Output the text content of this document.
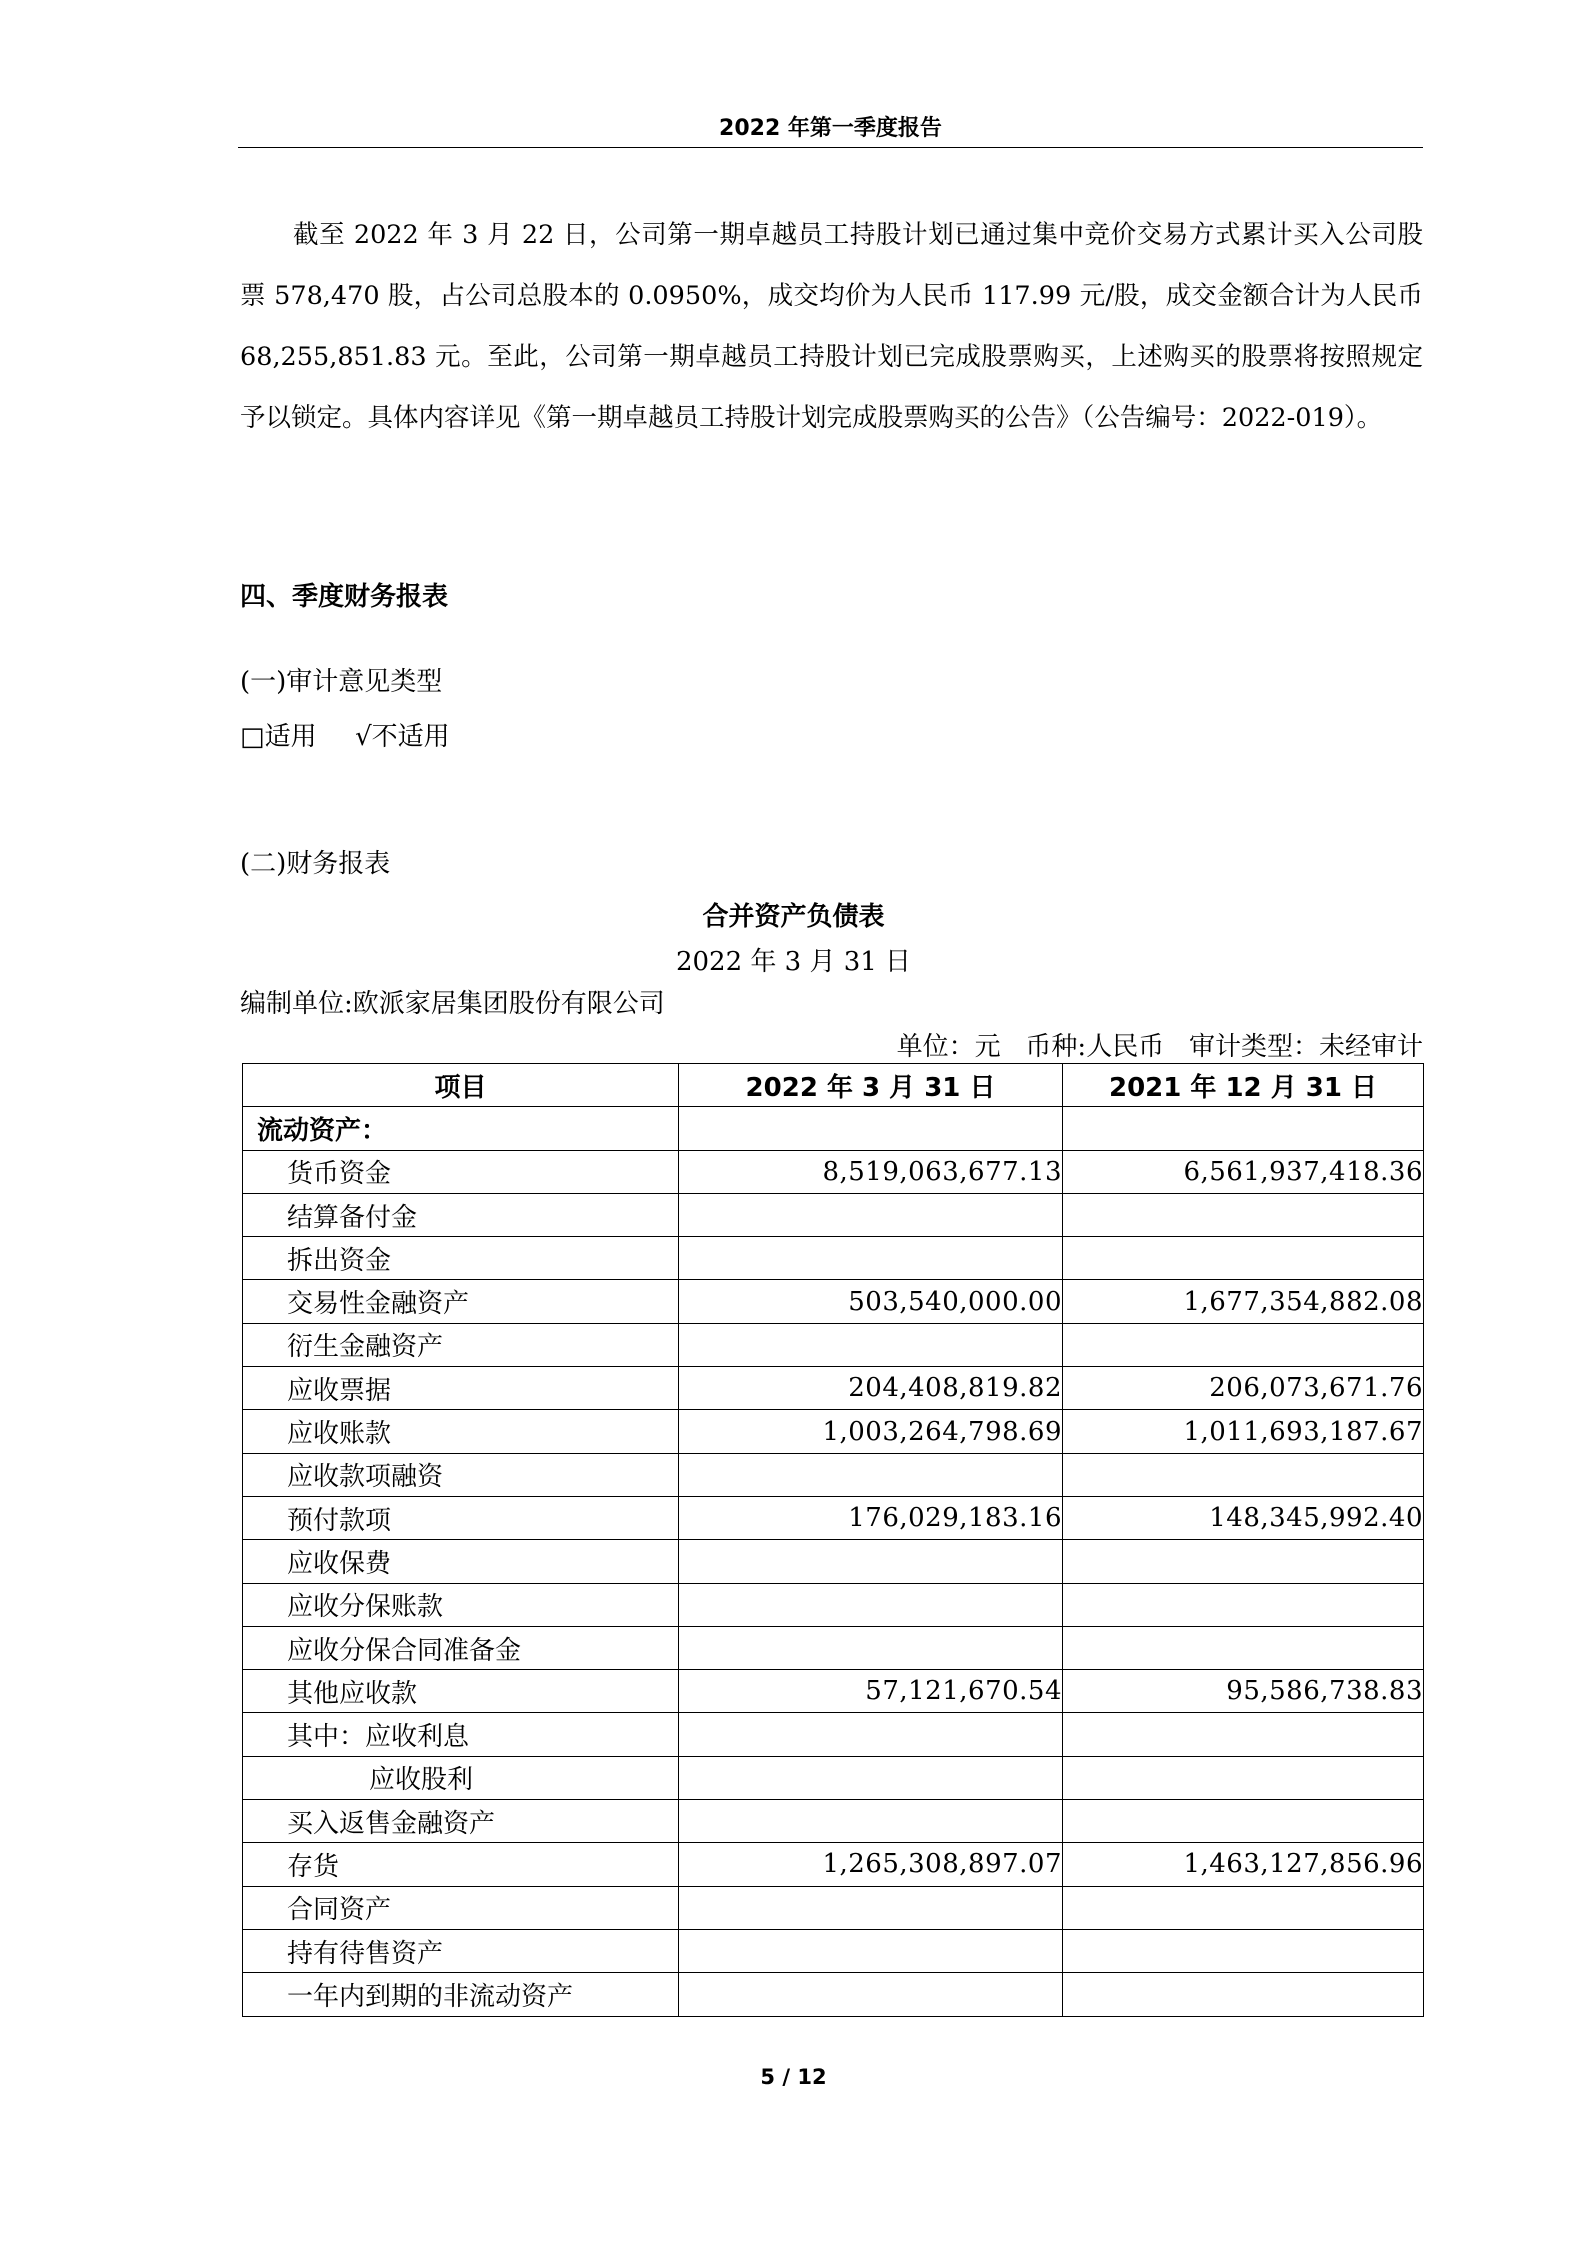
2022 年第一季度报告
截至 2022 年 3 月 22 日，公司第一期卓越员工持股计划已通过集中竞价交易方式累计买入公司股票 578,470 股，占公司总股本的 0.0950%，成交均价为人民币 117.99 元/股，成交金额合计为人民币 68,255,851.83 元。至此，公司第一期卓越员工持股计划已完成股票购买，上述购买的股票将按照规定予以锁定。具体内容详见《第一期卓越员工持股计划完成股票购买的公告》（公告编号：2022-019）。
四、季度财务报表
(一)审计意见类型
□适用 √不适用
(二)财务报表
合并资产负债表
2022 年 3 月 31 日
编制单位:欧派家居集团股份有限公司
单位：元   币种:人民币   审计类型：未经审计
项目	2022 年 3 月 31 日	2021 年 12 月 31 日
流动资产：		
货币资金	8,519,063,677.13	6,561,937,418.36
结算备付金		
拆出资金		
交易性金融资产	503,540,000.00	1,677,354,882.08
衍生金融资产		
应收票据	204,408,819.82	206,073,671.76
应收账款	1,003,264,798.69	1,011,693,187.67
应收款项融资		
预付款项	176,029,183.16	148,345,992.40
应收保费		
应收分保账款		
应收分保合同准备金		
其他应收款	57,121,670.54	95,586,738.83
其中：应收利息		
应收股利		
买入返售金融资产		
存货	1,265,308,897.07	1,463,127,856.96
合同资产		
持有待售资产		
一年内到期的非流动资产		
5 / 12
